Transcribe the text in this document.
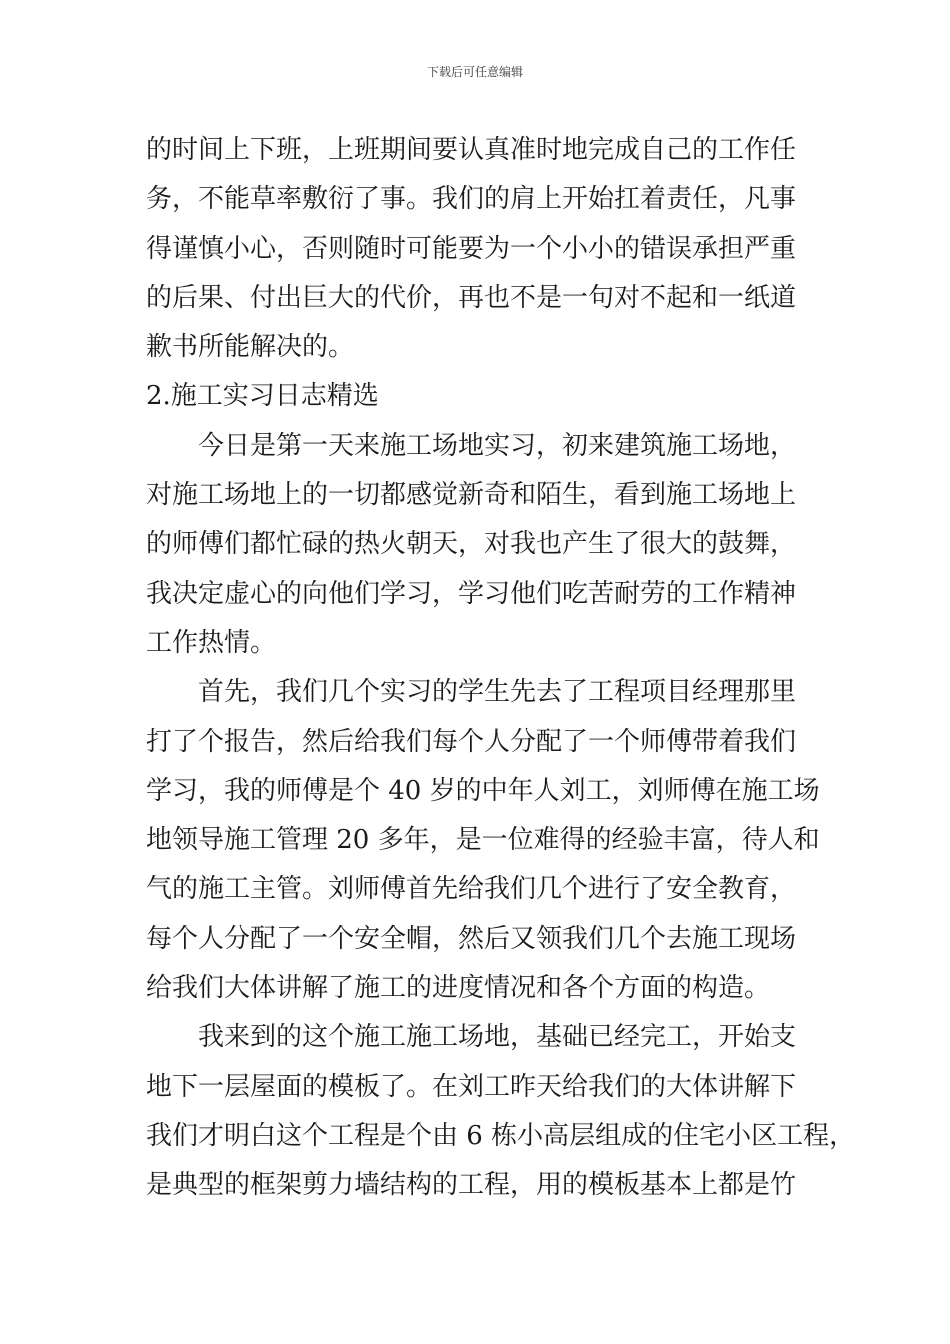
下载后可任意编辑
的时间上下班，上班期间要认真准时地完成自己的工作任
务，不能草率敷衍了事。我们的肩上开始扛着责任，凡事
得谨慎小心，否则随时可能要为一个小小的错误承担严重
的后果、付出巨大的代价，再也不是一句对不起和一纸道
歉书所能解决的。
2.施工实习日志精选
今日是第一天来施工场地实习，初来建筑施工场地，
对施工场地上的一切都感觉新奇和陌生，看到施工场地上
的师傅们都忙碌的热火朝天，对我也产生了很大的鼓舞，
我决定虚心的向他们学习，学习他们吃苦耐劳的工作精神
工作热情。
首先，我们几个实习的学生先去了工程项目经理那里
打了个报告，然后给我们每个人分配了一个师傅带着我们
学习，我的师傅是个 40 岁的中年人刘工，刘师傅在施工场
地领导施工管理 20 多年，是一位难得的经验丰富，待人和
气的施工主管。刘师傅首先给我们几个进行了安全教育，
每个人分配了一个安全帽，然后又领我们几个去施工现场
给我们大体讲解了施工的进度情况和各个方面的构造。
我来到的这个施工施工场地，基础已经完工，开始支
地下一层屋面的模板了。在刘工昨天给我们的大体讲解下
我们才明白这个工程是个由 6 栋小高层组成的住宅小区工程，
是典型的框架剪力墙结构的工程，用的模板基本上都是竹
